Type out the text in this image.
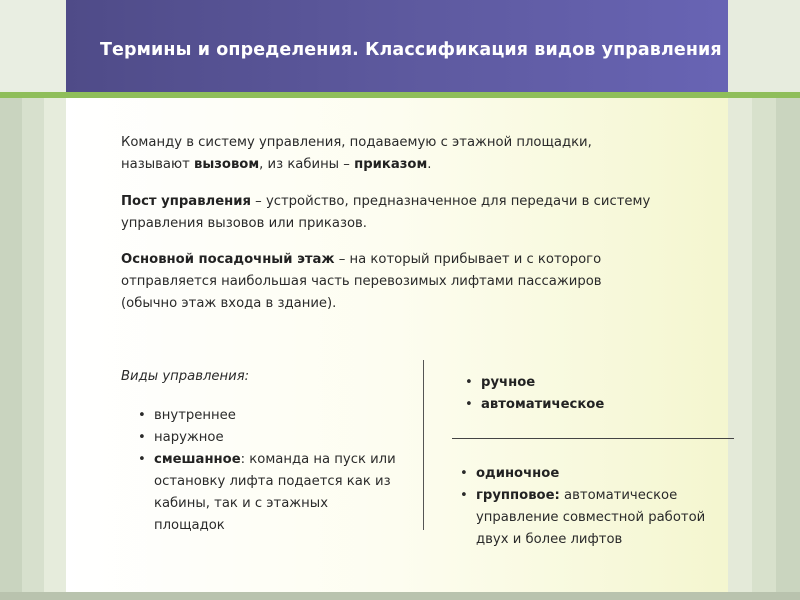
Термины и определения. Классификация видов управления

Команду в систему управления, подаваемую с этажной площадки, называют вызовом, из кабины – приказом.

Пост управления – устройство, предназначенное для передачи в систему управления вызовов или приказов.

Основной посадочный этаж – на который прибывает и с которого отправляется наибольшая часть перевозимых лифтами пассажиров (обычно этаж входа в здание).

Виды управления:

• внутреннее
• наружное
• смешанное: команда на пуск или остановку лифта подается как из кабины, так и с этажных площадок
• ручное
• автоматическое
• одиночное
• групповое: автоматическое управление совместной работой двух и более лифтов
